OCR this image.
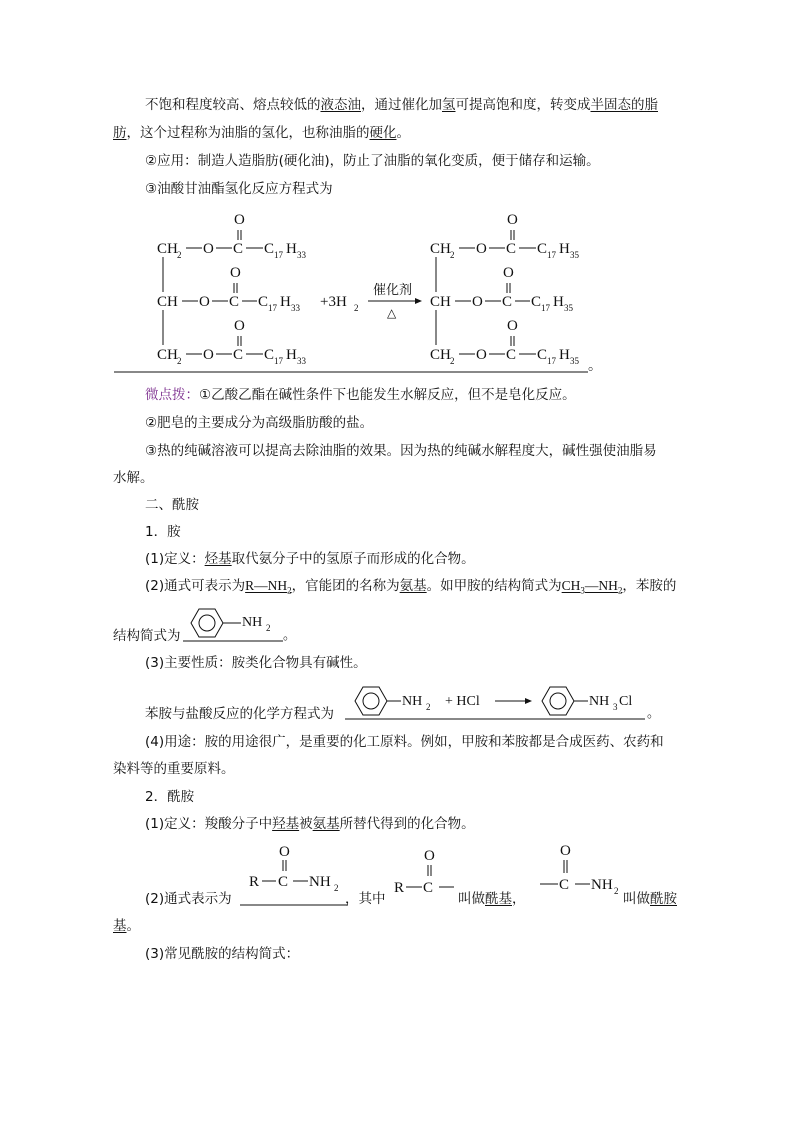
不饱和程度较高、熔点较低的液态油，通过催化加氢可提高饱和度，转变成半固态的脂
肪，这个过程称为油脂的氢化，也称油脂的硬化。
②应用：制造人造脂肪(硬化油)，防止了油脂的氧化变质，便于储存和运输。
③油酸甘油酯氢化反应方程式为
CH 2 O C
O
C 17 H 33
CH O C
O
C 17 H 33
CH 2 O C
O
C 17 H 33
+3H 2
催化剂
△
CH 2 O C
O
C 17 H 35
CH O C
O
C 17 H 35
CH 2 O C
O
C 17 H 35 。
微点拨：①乙酸乙酯在碱性条件下也能发生水解反应，但不是皂化反应。
②肥皂的主要成分为高级脂肪酸的盐。
③热的纯碱溶液可以提高去除油脂的效果。因为热的纯碱水解程度大，碱性强使油脂易
水解。
二、酰胺
1．胺
(1)定义：烃基取代氨分子中的氢原子而形成的化合物。
(2)通式可表示为$R—NH_2$，官能团的名称为氨基。如甲胺的结构简式为$CH_3—NH_2$，苯胺的
结构简式为
NH 2 。
(3)主要性质：胺类化合物具有碱性。
苯胺与盐酸反应的化学方程式为
NH 2 + HCl	NH 3 Cl
。
(4)用途：胺的用途很广，是重要的化工原料。例如，甲胺和苯胺都是合成医药、农药和
染料等的重要原料。
2．酰胺
(1)定义：羧酸分子中羟基被氨基所替代得到的化合物。
(2)通式表示为
R C
O
NH 2
，其中
R C
O
叫做酰基，
C
O
NH 2 叫做酰胺
基。
(3)常见酰胺的结构简式：
